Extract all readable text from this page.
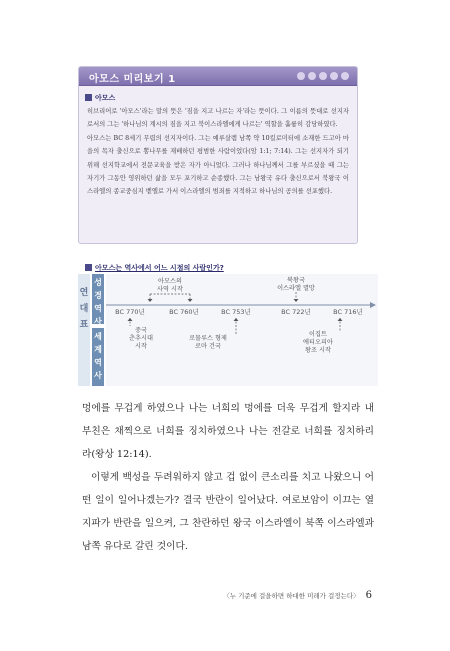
아모스 미리보기 1
아모스

히브리어로 '아모스'라는 말의 뜻은 '짐을 지고 나르는 자'라는 뜻이다. 그 이름의 뜻대로 선지자로서의 그는 '하나님의 계시의 짐을 지고 북이스라엘에게 나르는' 역할을 훌륭히 감당하였다.

아모스는 BC 8세기 무렵의 선지자이다. 그는 예루살렘 남쪽 약 10킬로미터에 소재한 드고아 마을의 목자 출신으로 뽕나무를 재배하던 평범한 사람이었다(암 1:1; 7:14). 그는 선지자가 되기 위해 선지학교에서 전문교육을 받은 자가 아니었다. 그러나 하나님께서 그를 부르셨을 때 그는 자기가 그동안 영위하던 삶을 모두 포기하고 순종했다. 그는 남왕국 유다 출신으로서 북왕국 이스라엘의 종교중심지 벧엘로 가서 이스라엘의 범죄를 지적하고 하나님의 공의를 선포했다.

아모스는 역사에서 어느 시점의 사람인가?
BC 770년	BC 760년	BC 753년	BC 722년	BC 716년
아모스의
사역 시작
북왕국
이스라엘 멸망
중국
춘추시대
시작
로물루스 형제
로마 건국
이집트
에티오피아
왕조 시작
연
대
표
성
경
역
사
세
계
역
사

멍에를 무겁게 하였으나 나는 너희의 멍에를 더욱 무겁게 할지라 내 부친은 채찍으로 너희를 징치하였으나 나는 전갈로 너희를 징치하리라(왕상 12:14).

이렇게 백성을 두려워하지 않고 겁 없이 큰소리를 치고 나왔으니 어떤 일이 일어나겠는가? 결국 반란이 일어났다. 여로보암이 이끄는 열 지파가 반란을 일으켜, 그 찬란하던 왕국 이스라엘이 북쪽 이스라엘과 남쪽 유다로 갈린 것이다.

〈누 기준에 걸을하면 하대한 미래가 걸정는다〉 6
